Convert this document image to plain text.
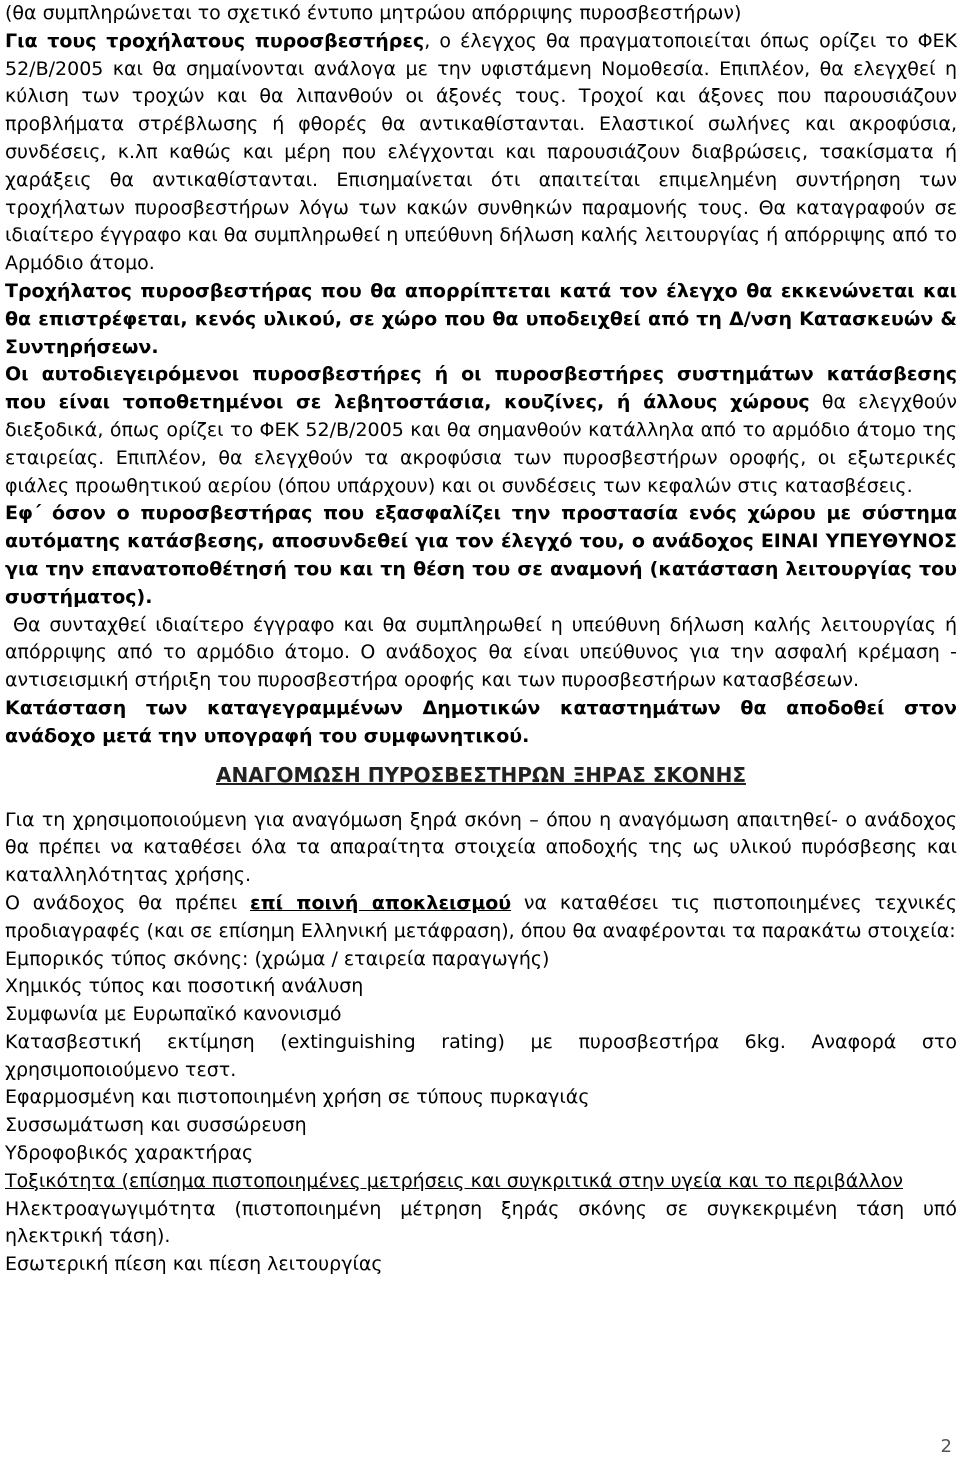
(θα συμπληρώνεται το σχετικό έντυπο μητρώου απόρριψης πυροσβεστήρων)

Για τους τροχήλατους πυροσβεστήρες, ο έλεγχος θα πραγματοποιείται όπως ορίζει το ΦΕΚ 52/Β/2005 και θα σημαίνονται ανάλογα με την υφιστάμενη Νομοθεσία. Επιπλέον, θα ελεγχθεί η κύλιση των τροχών και θα λιπανθούν οι άξονές τους. Τροχοί και άξονες που παρουσιάζουν προβλήματα στρέβλωσης ή φθορές θα αντικαθίστανται. Ελαστικοί σωλήνες και ακροφύσια, συνδέσεις, κ.λπ καθώς και μέρη που ελέγχονται και παρουσιάζουν διαβρώσεις, τσακίσματα ή χαράξεις θα αντικαθίστανται. Επισημαίνεται ότι απαιτείται επιμελημένη συντήρηση των τροχήλατων πυροσβεστήρων λόγω των κακών συνθηκών παραμονής τους. Θα καταγραφούν σε ιδιαίτερο έγγραφο και θα συμπληρωθεί η υπεύθυνη δήλωση καλής λειτουργίας ή απόρριψης από το Αρμόδιο άτομο.

Τροχήλατος πυροσβεστήρας που θα απορρίπτεται κατά τον έλεγχο θα εκκενώνεται και θα επιστρέφεται, κενός υλικού, σε χώρο που θα υποδειχθεί από τη Δ/νση Κατασκευών & Συντηρήσεων.

Οι αυτοδιεγειρόμενοι πυροσβεστήρες ή οι πυροσβεστήρες συστημάτων κατάσβεσης που είναι τοποθετημένοι σε λεβητοστάσια, κουζίνες, ή άλλους χώρους θα ελεγχθούν διεξοδικά, όπως ορίζει το ΦΕΚ 52/Β/2005 και θα σημανθούν κατάλληλα από το αρμόδιο άτομο της εταιρείας. Επιπλέον, θα ελεγχθούν τα ακροφύσια των πυροσβεστήρων οροφής, οι εξωτερικές φιάλες προωθητικού αερίου (όπου υπάρχουν) και οι συνδέσεις των κεφαλών στις κατασβέσεις.

Εφ΄ όσον ο πυροσβεστήρας που εξασφαλίζει την προστασία ενός χώρου με σύστημα αυτόματης κατάσβεσης, αποσυνδεθεί για τον έλεγχό του, ο ανάδοχος ΕΙΝΑΙ ΥΠΕΥΘΥΝΟΣ για την επανατοποθέτησή του και τη θέση του σε αναμονή (κατάσταση λειτουργίας του συστήματος).

Θα συνταχθεί ιδιαίτερο έγγραφο και θα συμπληρωθεί η υπεύθυνη δήλωση καλής λειτουργίας ή απόρριψης από το αρμόδιο άτομο. Ο ανάδοχος θα είναι υπεύθυνος για την ασφαλή κρέμαση - αντισεισμική στήριξη του πυροσβεστήρα οροφής και των πυροσβεστήρων κατασβέσεων.

Κατάσταση των καταγεγραμμένων Δημοτικών καταστημάτων θα αποδοθεί στον ανάδοχο μετά την υπογραφή του συμφωνητικού.

ΑΝΑΓΟΜΩΣΗ ΠΥΡΟΣΒΕΣΤΗΡΩΝ ΞΗΡΑΣ ΣΚΟΝΗΣ

Για τη χρησιμοποιούμενη για αναγόμωση ξηρά σκόνη – όπου η αναγόμωση απαιτηθεί- ο ανάδοχος θα πρέπει να καταθέσει όλα τα απαραίτητα στοιχεία αποδοχής της ως υλικού πυρόσβεσης και καταλληλότητας χρήσης.

Ο ανάδοχος θα πρέπει επί ποινή αποκλεισμού να καταθέσει τις πιστοποιημένες τεχνικές προδιαγραφές (και σε επίσημη Ελληνική μετάφραση), όπου θα αναφέρονται τα παρακάτω στοιχεία:

Εμπορικός τύπος σκόνης: (χρώμα / εταιρεία παραγωγής)

Χημικός τύπος και ποσοτική ανάλυση

Συμφωνία με Ευρωπαϊκό κανονισμό

Κατασβεστική εκτίμηση (extinguishing rating) με πυροσβεστήρα 6kg. Αναφορά στο χρησιμοποιούμενο τεστ.

Εφαρμοσμένη και πιστοποιημένη χρήση σε τύπους πυρκαγιάς

Συσσωμάτωση και συσσώρευση

Υδροφοβικός χαρακτήρας

Τοξικότητα (επίσημα πιστοποιημένες μετρήσεις και συγκριτικά στην υγεία και το περιβάλλον

Ηλεκτροαγωγιμότητα (πιστοποιημένη μέτρηση ξηράς σκόνης σε συγκεκριμένη τάση υπό ηλεκτρική τάση).

Εσωτερική πίεση και πίεση λειτουργίας

2
